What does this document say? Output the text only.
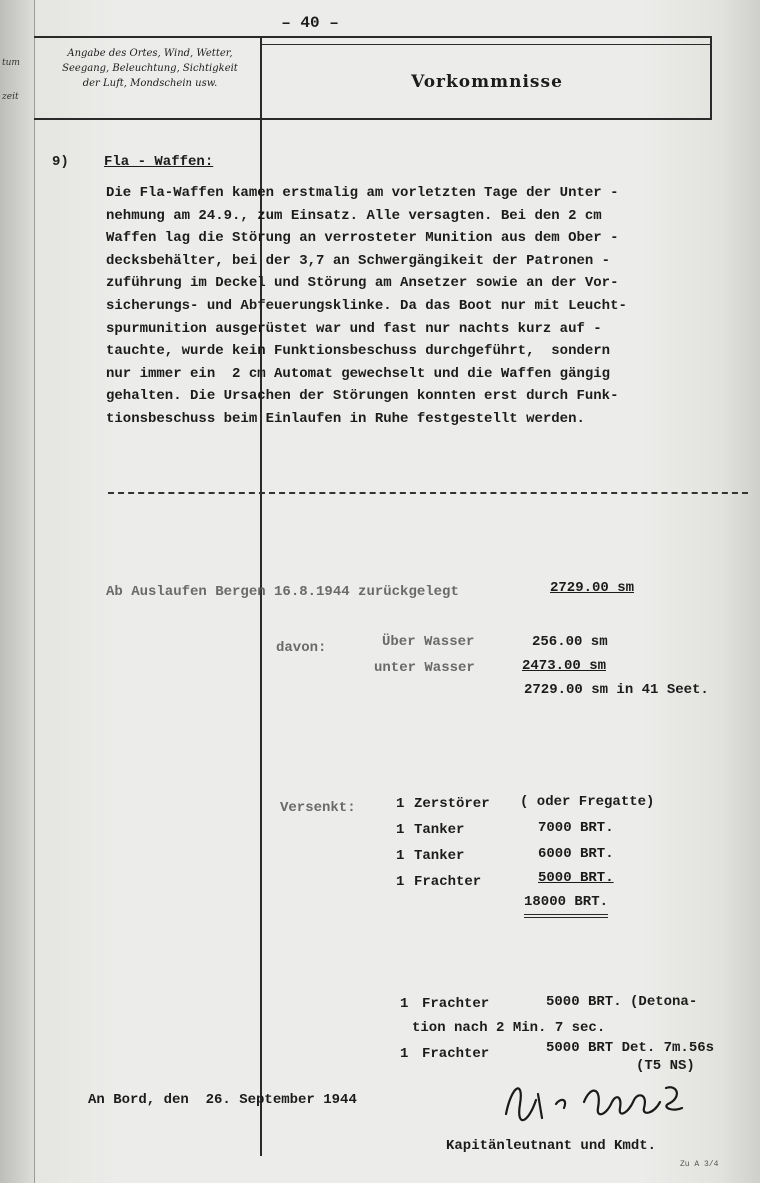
tum
zeit
– 40 –
Angabe des Ortes, Wind, Wetter,
Seegang, Beleuchtung, Sichtigkeit
der Luft, Mondschein usw.	Vorkommnisse
9)	Fla - Waffen:
Die Fla-Waffen kamen erstmalig am vorletzten Tage der Unter -
nehmung am 24.9., zum Einsatz. Alle versagten. Bei den 2 cm
Waffen lag die Störung an verrosteter Munition aus dem Ober -
decksbehälter, bei der 3,7 an Schwergängikeit der Patronen -
zuführung im Deckel und Störung am Ansetzer sowie an der Vor-
sicherungs- und Abfeuerungsklinke. Da das Boot nur mit Leucht-
spurmunition ausgerüstet war und fast nur nachts kurz auf -
tauchte, wurde kein Funktionsbeschuss durchgeführt,  sondern
nur immer ein  2 cm Automat gewechselt und die Waffen gängig
gehalten. Die Ursachen der Störungen konnten erst durch Funk-
tionsbeschuss beim Einlaufen in Ruhe festgestellt werden.
Ab Auslaufen Bergen 16.8.1944 zurückgelegt	2729.00 sm
davon:	Über Wasser	256.00 sm
unter Wasser	2473.00 sm
2729.00 sm in 41 Seet.
Versenkt:	1 Zerstörer ( oder Fregatte)
1 Tanker	7000 BRT.
1 Tanker	6000 BRT.
1 Frachter	5000 BRT.
18000 BRT.
1 Frachter	5000 BRT. (Detona-
tion nach 2 Min. 7 sec.
1 Frachter	5000 BRT Det. 7m.56s
(T5 NS)
An Bord, den  26. September 1944
Kapitänleutnant und Kmdt.
Zu A 3/4
